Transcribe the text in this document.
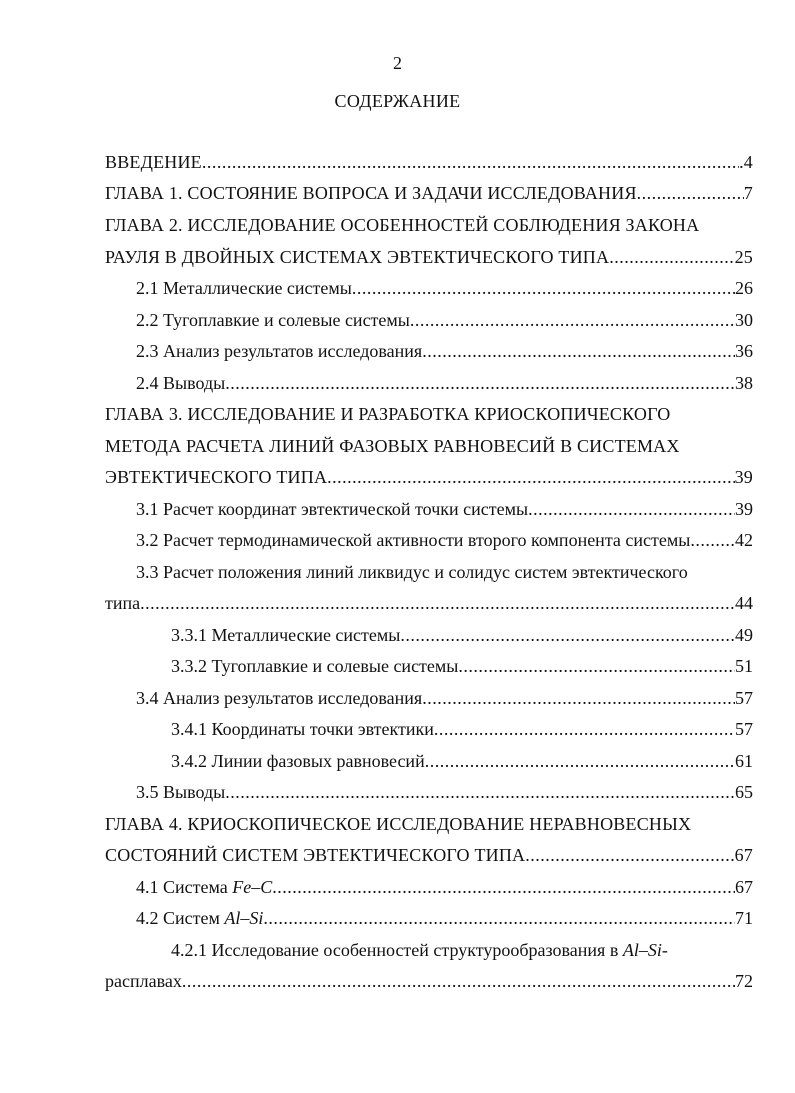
2
СОДЕРЖАНИЕ
ВВЕДЕНИЕ .....	.4
ГЛАВА 1. СОСТОЯНИЕ ВОПРОСА И ЗАДАЧИ ИССЛЕДОВАНИЯ .....	7
ГЛАВА 2. ИССЛЕДОВАНИЕ ОСОБЕННОСТЕЙ СОБЛЮДЕНИЯ ЗАКОНА
РАУЛЯ В ДВОЙНЫХ СИСТЕМАХ ЭВТЕКТИЧЕСКОГО ТИПА .....	25
2.1 Металлические системы .....	26
2.2 Тугоплавкие и солевые системы .....	30
2.3 Анализ результатов исследования .....	36
2.4 Выводы .....	38
ГЛАВА 3. ИССЛЕДОВАНИЕ И РАЗРАБОТКА КРИОСКОПИЧЕСКОГО
МЕТОДА РАСЧЕТА ЛИНИЙ ФАЗОВЫХ РАВНОВЕСИЙ В СИСТЕМАХ
ЭВТЕКТИЧЕСКОГО ТИПА .....	39
3.1 Расчет координат эвтектической точки системы .....	39
3.2 Расчет термодинамической активности второго компонента системы ..... 42
3.3 Расчет положения линий ликвидус и солидус систем эвтектического
типа .....	44
3.3.1 Металлические системы .....	49
3.3.2 Тугоплавкие и солевые системы .....	51
3.4 Анализ результатов исследования .....	57
3.4.1 Координаты точки эвтектики .....	57
3.4.2 Линии фазовых равновесий .....	61
3.5 Выводы .....	65
ГЛАВА 4. КРИОСКОПИЧЕСКОЕ ИССЛЕДОВАНИЕ НЕРАВНОВЕСНЫХ
СОСТОЯНИЙ СИСТЕМ ЭВТЕКТИЧЕСКОГО ТИПА .....	67
4.1 Система Fe–C .....	67
4.2 Систем Al–Si .....	71
4.2.1 Исследование особенностей структурообразования в Al–Si-
расплавах .....	72
